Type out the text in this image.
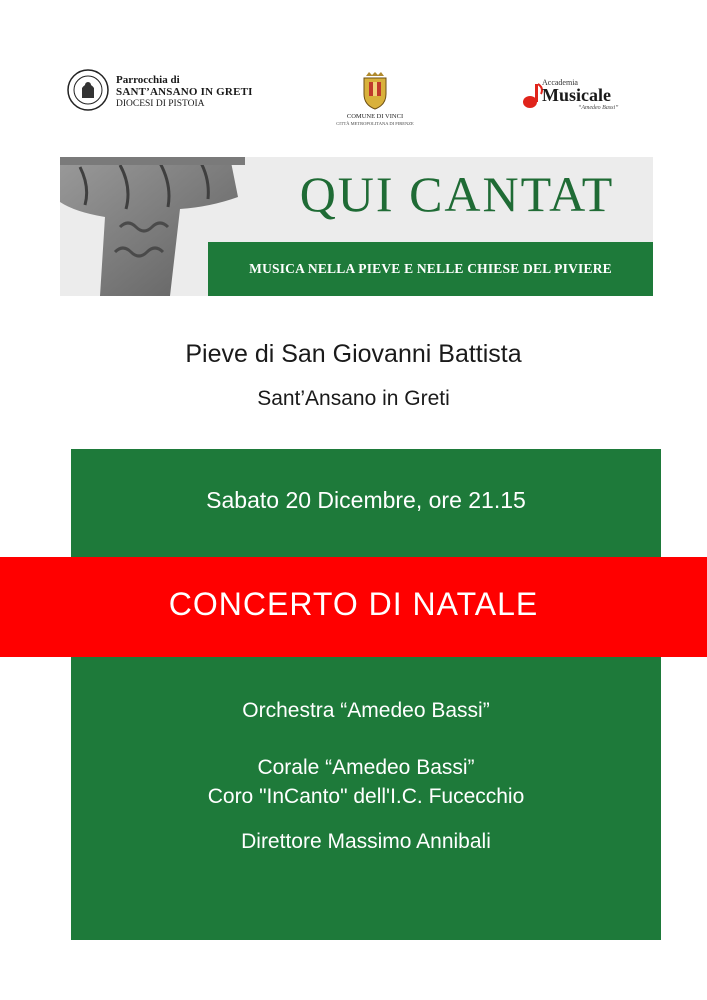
Parrocchia di
SANT’ANSANO IN GRETI
DIOCESI DI PISTOIA
COMUNE DI VINCI
CITTÀ METROPOLITANA DI FIRENZE
Accademia
Musicale
“Amedeo Bassi”
QUI CANTAT
MUSICA NELLA PIEVE E NELLE CHIESE DEL PIVIERE
Pieve di San Giovanni Battista
Sant’Ansano in Greti
Sabato 20 Dicembre, ore 21.15
CONCERTO DI NATALE
Orchestra “Amedeo Bassi”
Corale “Amedeo Bassi”
Coro "InCanto" dell'I.C. Fucecchio
Direttore Massimo Annibali
